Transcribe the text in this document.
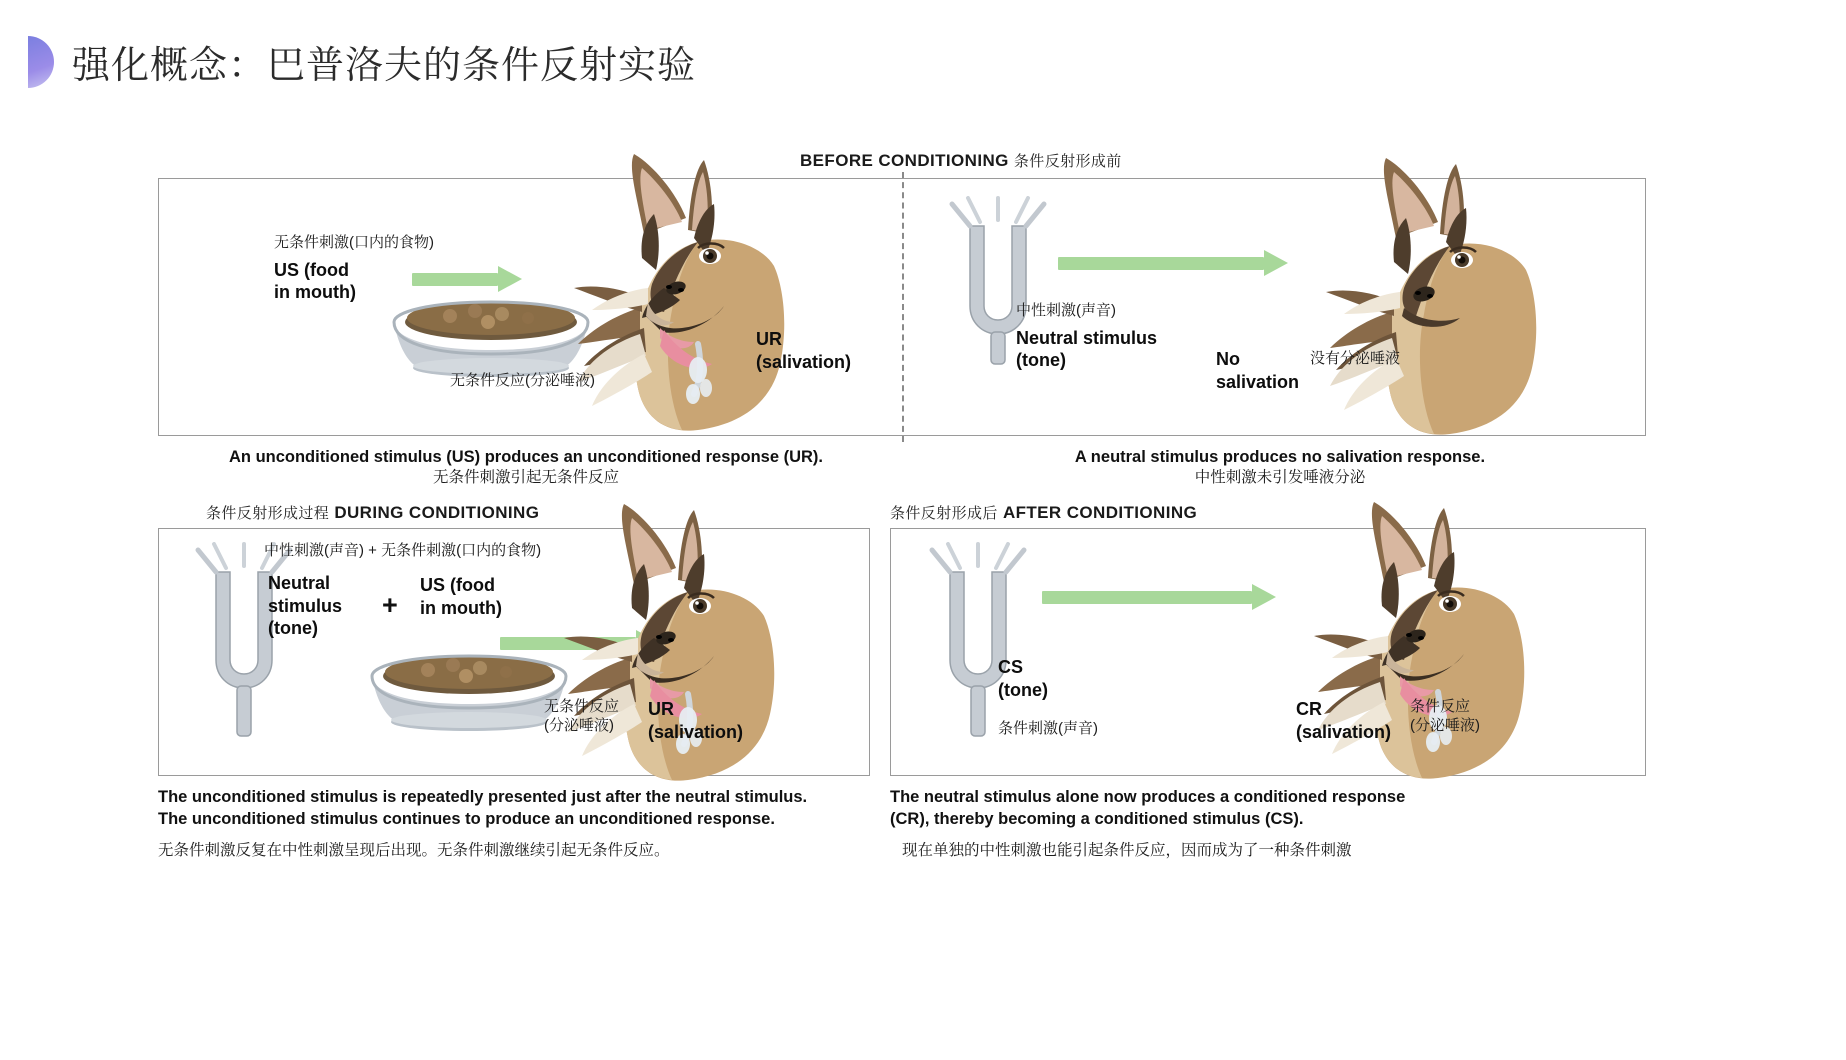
强化概念：巴普洛夫的条件反射实验
BEFORE CONDITIONING 条件反射形成前
无条件刺激(口内的食物)
US (food
in mouth)
UR
(salivation)
无条件反应(分泌唾液)
中性刺激(声音)
Neutral stimulus
(tone)	No
salivation
没有分泌唾液
An unconditioned stimulus (US) produces an unconditioned response (UR).
无条件刺激引起无条件反应
A neutral stimulus produces no salivation response.
中性刺激未引发唾液分泌
条件反射形成过程 DURING CONDITIONING	条件反射形成后 AFTER CONDITIONING
中性刺激(声音) + 无条件刺激(口内的食物)
Neutral
stimulus
(tone)
+
US (food
in mouth)
无条件反应
(分泌唾液)
UR
(salivation)
CS
(tone)
条件刺激(声音)
CR
(salivation)
条件反应
(分泌唾液)
The unconditioned stimulus is repeatedly presented just after the neutral stimulus.
The unconditioned stimulus continues to produce an unconditioned response.
无条件刺激反复在中性刺激呈现后出现。无条件刺激继续引起无条件反应。
The neutral stimulus alone now produces a conditioned response
(CR), thereby becoming a conditioned stimulus (CS).
现在单独的中性刺激也能引起条件反应，因而成为了一种条件刺激
